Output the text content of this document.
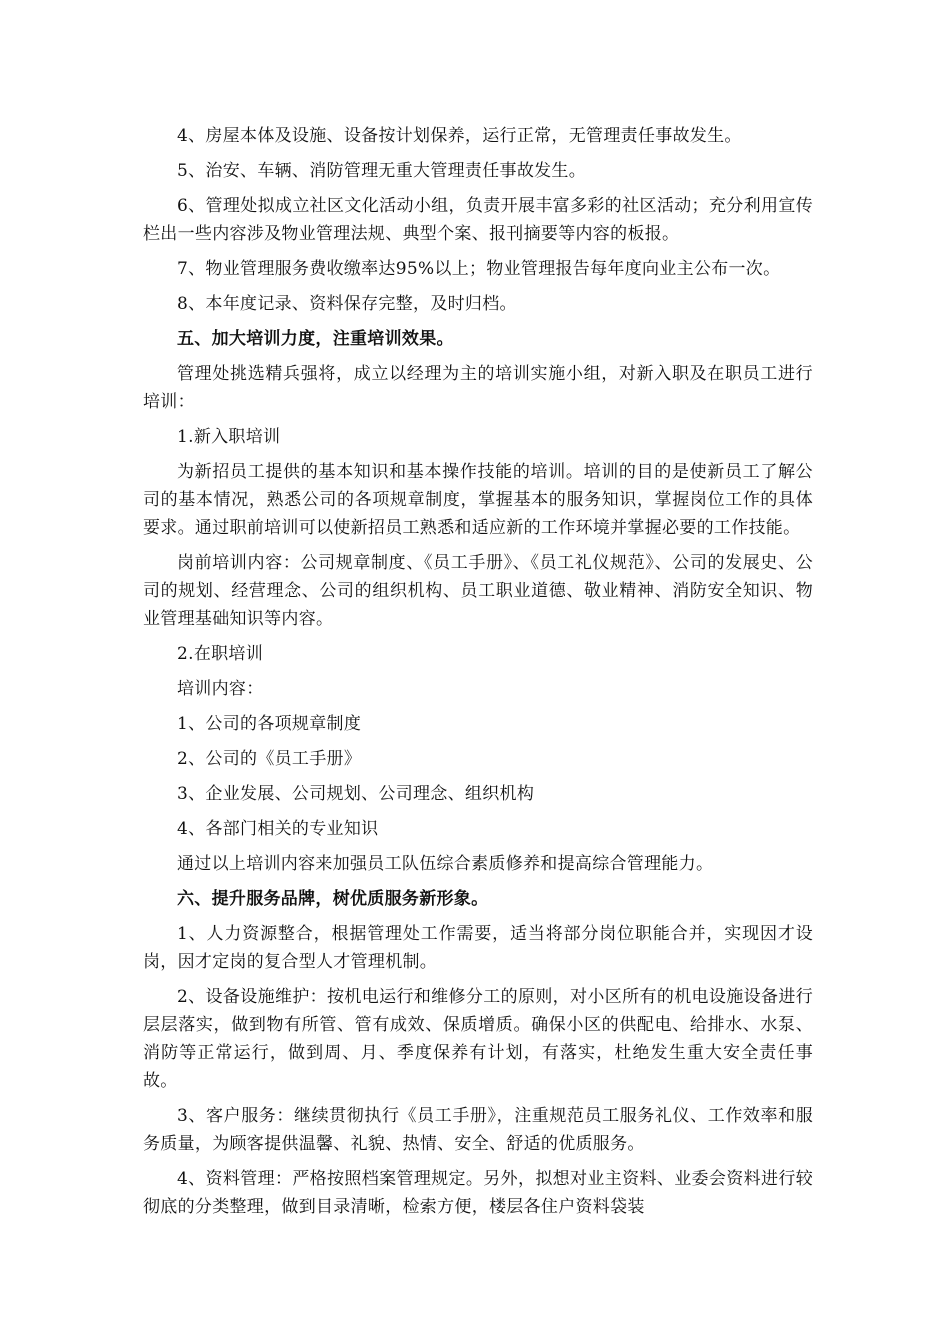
4、房屋本体及设施、设备按计划保养，运行正常，无管理责任事故发生。

5、治安、车辆、消防管理无重大管理责任事故发生。

6、管理处拟成立社区文化活动小组，负责开展丰富多彩的社区活动；充分利用宣传栏出一些内容涉及物业管理法规、典型个案、报刊摘要等内容的板报。

7、物业管理服务费收缴率达95%以上；物业管理报告每年度向业主公布一次。

8、本年度记录、资料保存完整，及时归档。

五、加大培训力度，注重培训效果。

管理处挑选精兵强将，成立以经理为主的培训实施小组，对新入职及在职员工进行培训：

1.新入职培训

为新招员工提供的基本知识和基本操作技能的培训。培训的目的是使新员工了解公司的基本情况，熟悉公司的各项规章制度，掌握基本的服务知识，掌握岗位工作的具体要求。通过职前培训可以使新招员工熟悉和适应新的工作环境并掌握必要的工作技能。

岗前培训内容：公司规章制度、《员工手册》、《员工礼仪规范》、公司的发展史、公司的规划、经营理念、公司的组织机构、员工职业道德、敬业精神、消防安全知识、物业管理基础知识等内容。

2.在职培训

培训内容：

1、公司的各项规章制度

2、公司的《员工手册》

3、企业发展、公司规划、公司理念、组织机构

4、各部门相关的专业知识

通过以上培训内容来加强员工队伍综合素质修养和提高综合管理能力。

六、提升服务品牌，树优质服务新形象。

1、人力资源整合，根据管理处工作需要，适当将部分岗位职能合并，实现因才设岗，因才定岗的复合型人才管理机制。

2、设备设施维护：按机电运行和维修分工的原则，对小区所有的机电设施设备进行层层落实，做到物有所管、管有成效、保质增质。确保小区的供配电、给排水、水泵、消防等正常运行，做到周、月、季度保养有计划，有落实，杜绝发生重大安全责任事故。

3、客户服务：继续贯彻执行《员工手册》，注重规范员工服务礼仪、工作效率和服务质量，为顾客提供温馨、礼貌、热情、安全、舒适的优质服务。

4、资料管理：严格按照档案管理规定。另外，拟想对业主资料、业委会资料进行较彻底的分类整理，做到目录清晰，检索方便，楼层各住户资料袋装
